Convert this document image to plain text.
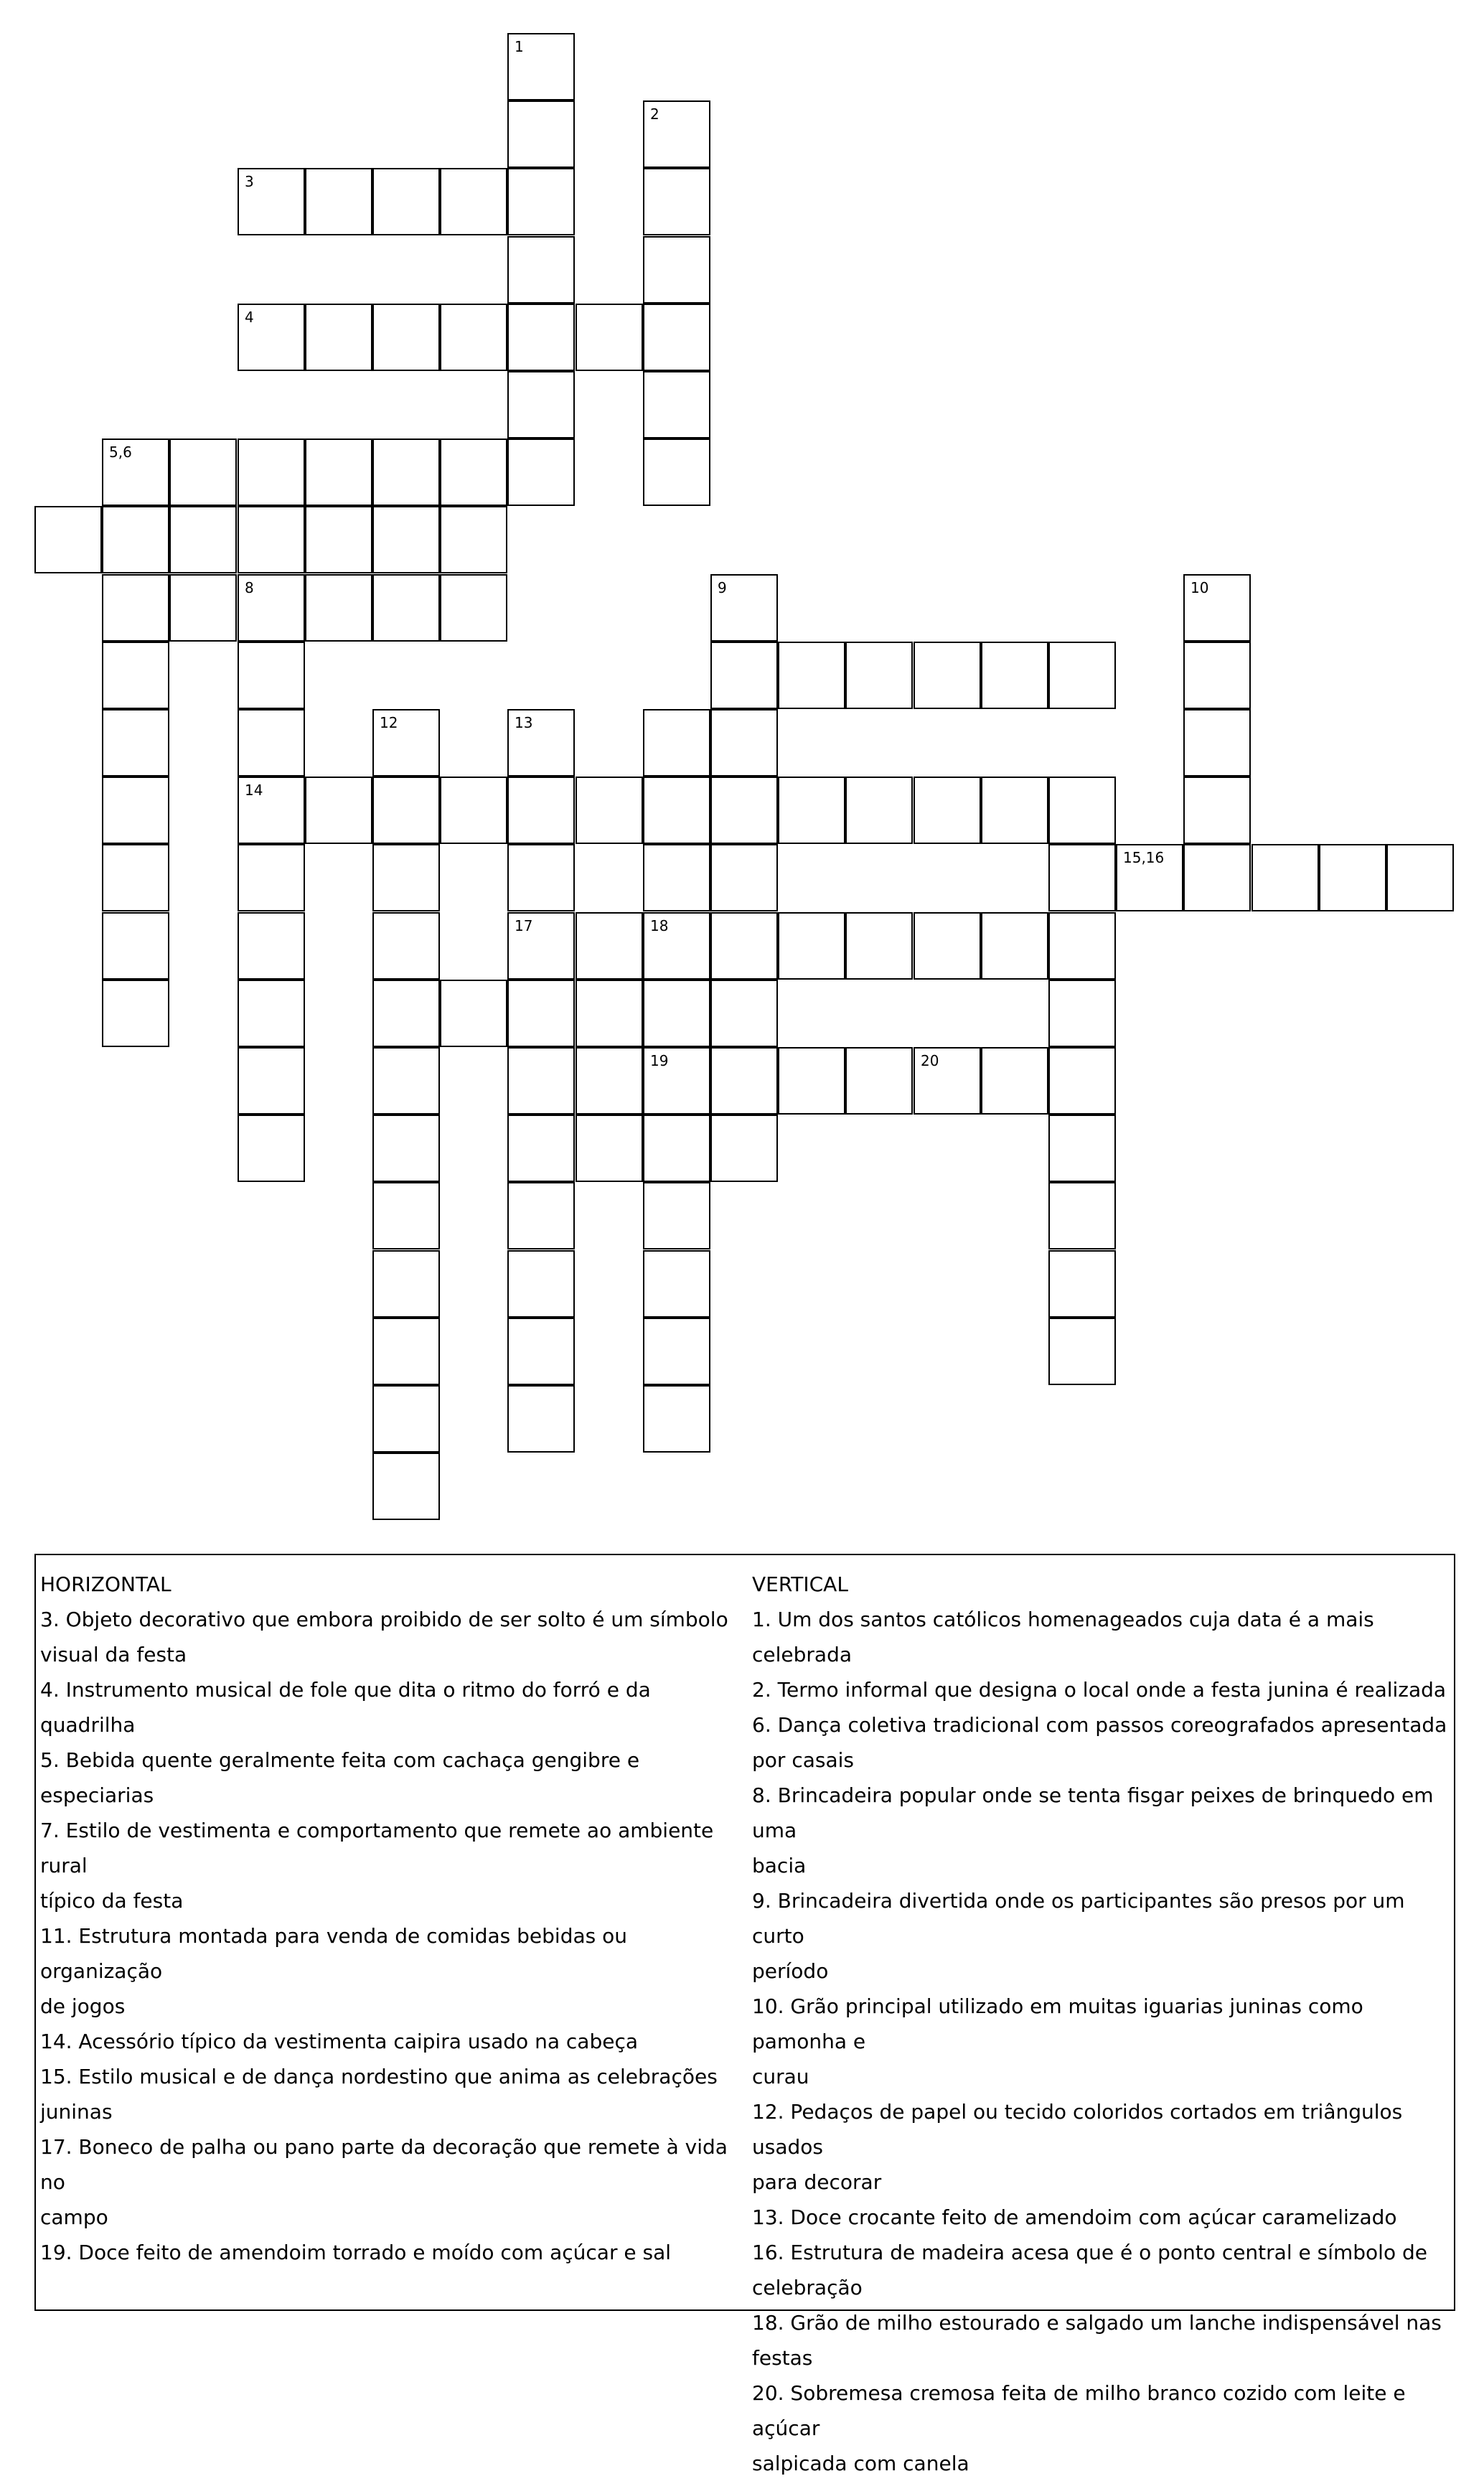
1
2
3
4
5,6
8
14
9	10
12	13
17	18
19
15,16
20
HORIZONTAL
3. Objeto decorativo que embora proibido de ser solto é um símbolo
visual da festa
4. Instrumento musical de fole que dita o ritmo do forró e da quadrilha
5. Bebida quente geralmente feita com cachaça gengibre e especiarias
7. Estilo de vestimenta e comportamento que remete ao ambiente rural
típico da festa
11. Estrutura montada para venda de comidas bebidas ou organização
de jogos
14. Acessório típico da vestimenta caipira usado na cabeça
15. Estilo musical e de dança nordestino que anima as celebrações
juninas
17. Boneco de palha ou pano parte da decoração que remete à vida no
campo
19. Doce feito de amendoim torrado e moído com açúcar e sal
VERTICAL
1. Um dos santos católicos homenageados cuja data é a mais celebrada
2. Termo informal que designa o local onde a festa junina é realizada
6. Dança coletiva tradicional com passos coreografados apresentada
por casais
8. Brincadeira popular onde se tenta fisgar peixes de brinquedo em uma
bacia
9. Brincadeira divertida onde os participantes são presos por um curto
período
10. Grão principal utilizado em muitas iguarias juninas como pamonha e
curau
12. Pedaços de papel ou tecido coloridos cortados em triângulos usados
para decorar
13. Doce crocante feito de amendoim com açúcar caramelizado
16. Estrutura de madeira acesa que é o ponto central e símbolo de
celebração
18. Grão de milho estourado e salgado um lanche indispensável nas
festas
20. Sobremesa cremosa feita de milho branco cozido com leite e açúcar
salpicada com canela
